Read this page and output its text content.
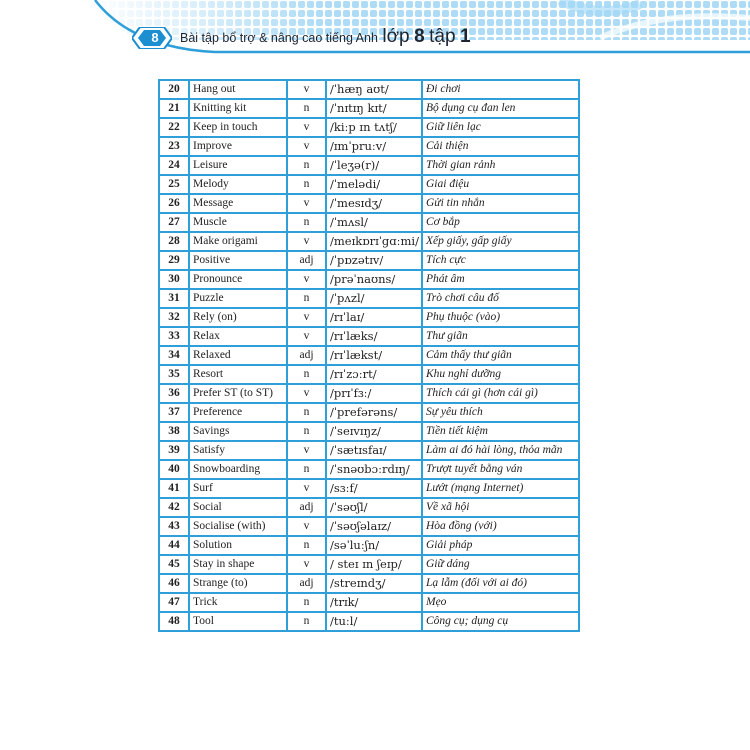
8	Bài tập bổ trợ & nâng cao tiếng Anh lớp 8 tập 1
20	Hang out	v	/ˈhæŋ aʊt/	Đi chơi
21	Knitting kit	n	/ˈnɪtɪŋ kɪt/	Bộ dụng cụ đan len
22	Keep in touch	v	/kiːp ɪn tʌtʃ/	Giữ liên lạc
23	Improve	v	/ɪmˈpruːv/	Cải thiện
24	Leisure	n	/ˈleʒə(r)/	Thời gian rảnh
25	Melody	n	/ˈmelədi/	Giai điệu
26	Message	v	/ˈmesɪdʒ/	Gửi tin nhắn
27	Muscle	n	/ˈmʌsl/	Cơ bắp
28	Make origami	v	/meɪkɒrɪˈgɑːmi/	Xếp giấy, gấp giấy
29	Positive	adj	/ˈpɒzətɪv/	Tích cực
30	Pronounce	v	/prəˈnaʊns/	Phát âm
31	Puzzle	n	/ˈpʌzl/	Trò chơi câu đố
32	Rely (on)	v	/rɪˈlaɪ/	Phụ thuộc (vào)
33	Relax	v	/rɪˈlæks/	Thư giãn
34	Relaxed	adj	/rɪˈlækst/	Cảm thấy thư giãn
35	Resort	n	/rɪˈzɔːrt/	Khu nghỉ dưỡng
36	Prefer ST (to ST)	v	/prɪˈfɜː/	Thích cái gì (hơn cái gì)
37	Preference	n	/ˈprefərəns/	Sự yêu thích
38	Savings	n	/ˈseɪvɪŋz/	Tiền tiết kiệm
39	Satisfy	v	/ˈsætɪsfaɪ/	Làm ai đó hài lòng, thỏa mãn
40	Snowboarding	n	/ˈsnəʊbɔːrdɪŋ/	Trượt tuyết bằng ván
41	Surf	v	/sɜːf/	Lướt (mạng Internet)
42	Social	adj	/ˈsəʊʃl/	Về xã hội
43	Socialise (with)	v	/ˈsəʊʃəlaɪz/	Hòa đồng (với)
44	Solution	n	/səˈluːʃn/	Giải pháp
45	Stay in shape	v	/ steɪ ɪn ʃeɪp/	Giữ dáng
46	Strange (to)	adj	/streɪndʒ/	Lạ lẫm (đối với ai đó)
47	Trick	n	/trɪk/	Mẹo
48	Tool	n	/tuːl/	Công cụ; dụng cụ
